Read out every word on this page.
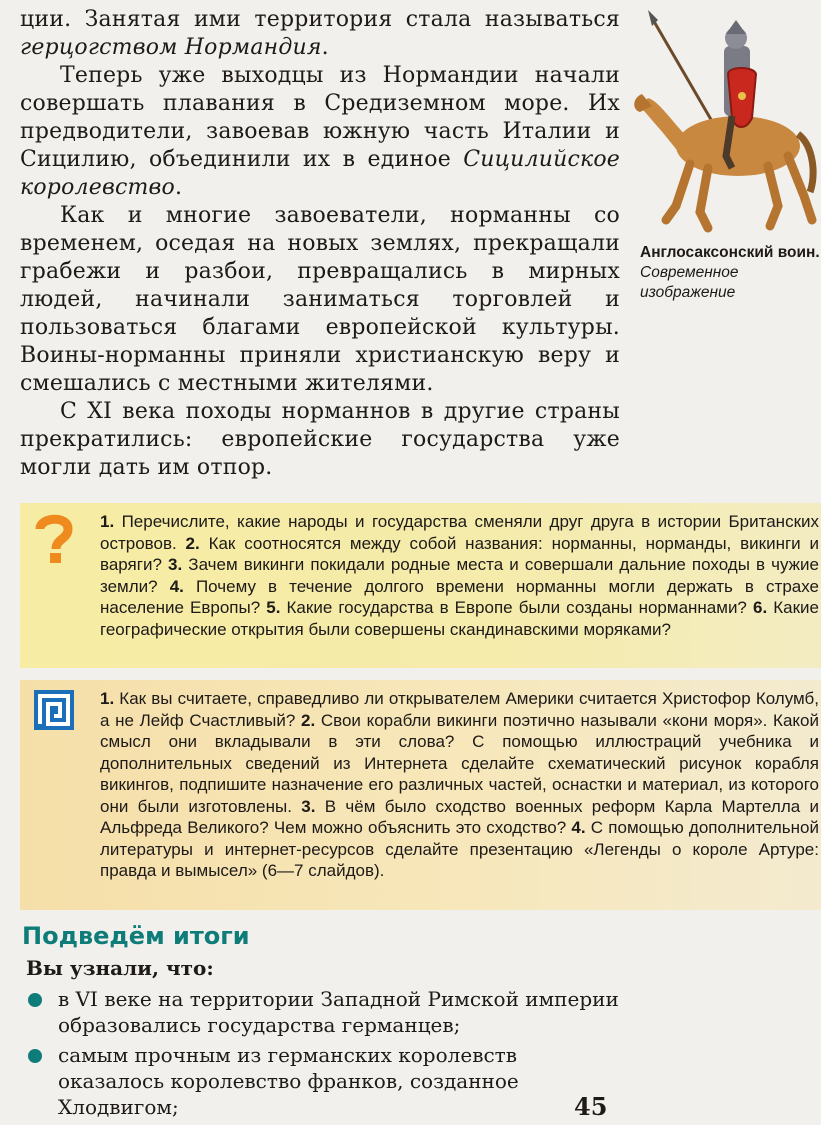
ции. Занятая ими территория стала называться герцогством Нормандия.

Теперь уже выходцы из Нормандии начали совершать плавания в Средиземном море. Их предводители, завоевав южную часть Италии и Сицилию, объединили их в единое Сицилийское королевство.

Как и многие завоеватели, норманны со временем, оседая на новых землях, прекращали грабежи и разбои, превращались в мирных людей, начинали заниматься торговлей и пользоваться благами европейской культуры. Воины-норманны приняли христианскую веру и смешались с местными жителями.

С XI века походы норманнов в другие страны прекратились: европейские государства уже могли дать им отпор.

Англосаксонский воин. Современное изображение
1. Перечислите, какие народы и государства сменяли друг друга в истории Британских островов. 2. Как соотносятся между собой названия: норманны, норманды, викинги и варяги? 3. Зачем викинги покидали родные места и совершали дальние походы в чужие земли? 4. Почему в течение долгого времени норманны могли держать в страхе население Европы? 5. Какие государства в Европе были созданы норманнами? 6. Какие географические открытия были совершены скандинавскими моряками?
1. Как вы считаете, справедливо ли открывателем Америки считается Христофор Колумб, а не Лейф Счастливый? 2. Свои корабли викинги поэтично называли «кони моря». Какой смысл они вкладывали в эти слова? С помощью иллюстраций учебника и дополнительных сведений из Интернета сделайте схематический рисунок корабля викингов, подпишите назначение его различных частей, оснастки и материал, из которого они были изготовлены. 3. В чём было сходство военных реформ Карла Мартелла и Альфреда Великого? Чем можно объяснить это сходство? 4. С помощью дополнительной литературы и интернет-ресурсов сделайте презентацию «Легенды о короле Артуре: правда и вымысел» (6—7 слайдов).
Подведём итоги
Вы узнали, что:
в VI веке на территории Западной Римской империи образовались государства германцев;
самым прочным из германских королевств оказалось королевство франков, созданное Хлодвигом;	45
